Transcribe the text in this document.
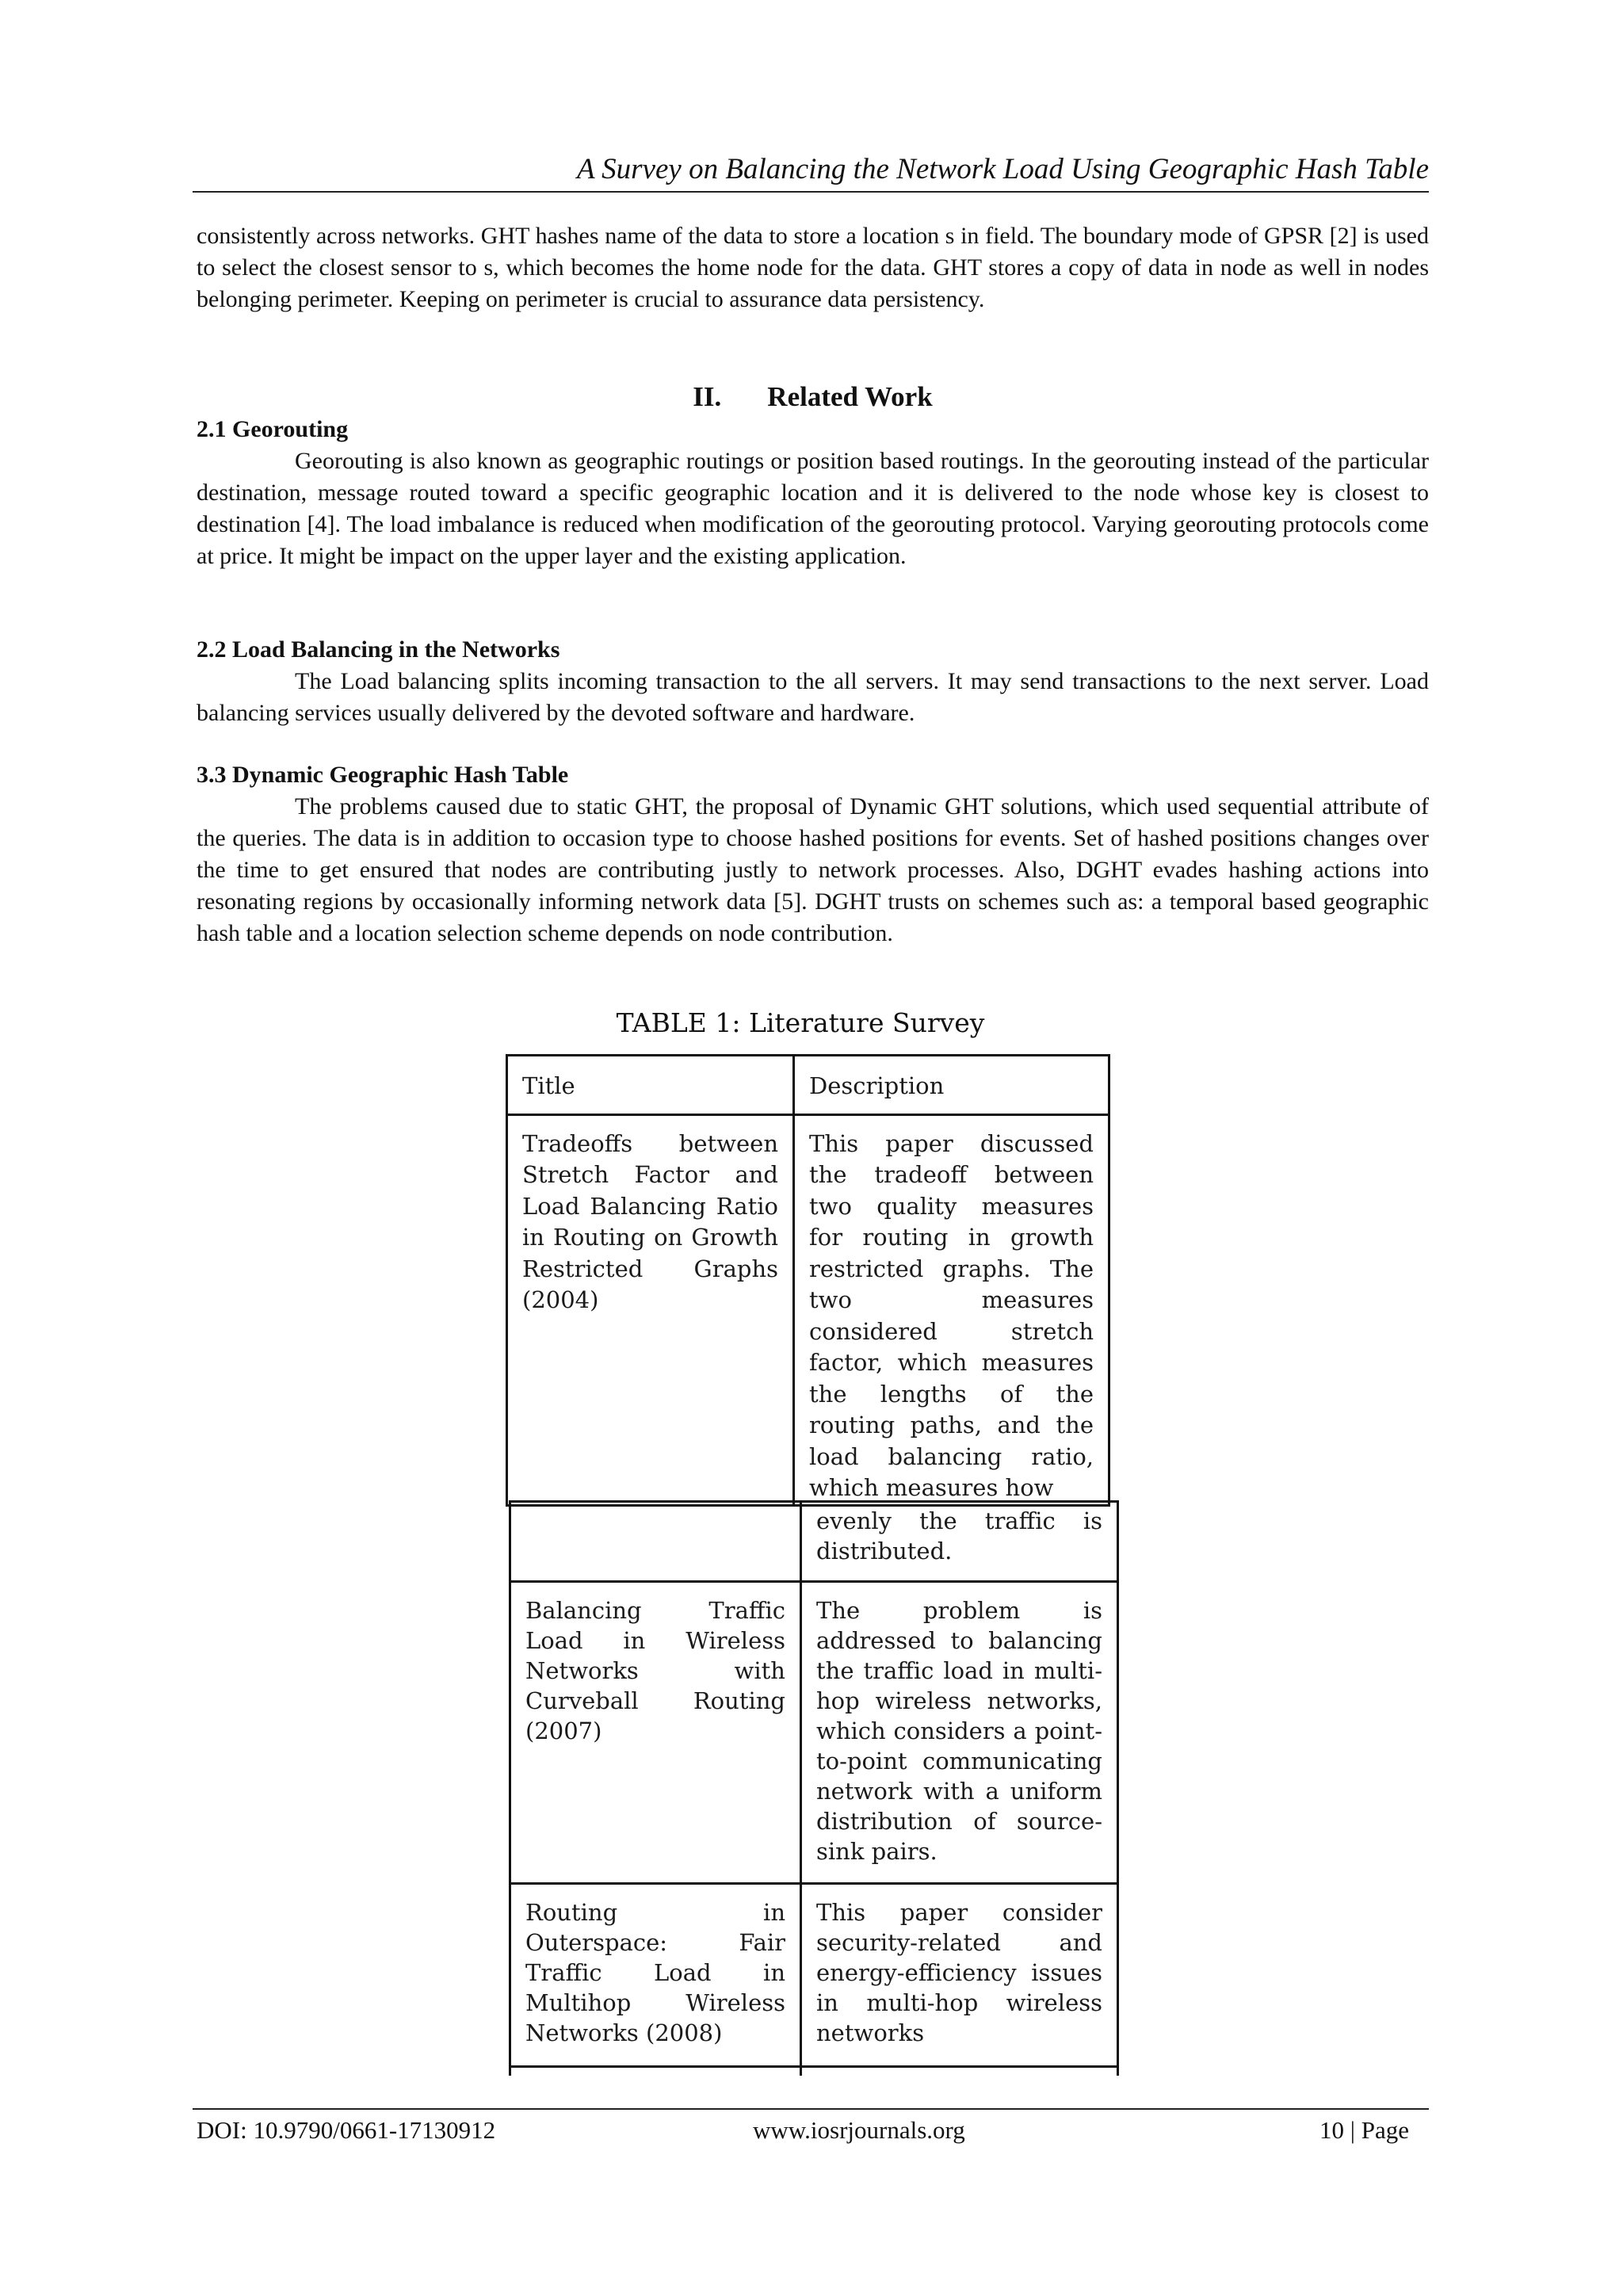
A Survey on Balancing the Network Load Using Geographic Hash Table

consistently across networks. GHT hashes name of the data to store a location s in field. The boundary mode of GPSR [2] is used to select the closest sensor to s, which becomes the home node for the data. GHT stores a copy of data in node as well in nodes belonging perimeter. Keeping on perimeter is crucial to assurance data persistency.

II. Related Work
2.1 Georouting

Georouting is also known as geographic routings or position based routings. In the georouting instead of the particular destination, message routed toward a specific geographic location and it is delivered to the node whose key is closest to destination [4]. The load imbalance is reduced when modification of the georouting protocol. Varying georouting protocols come at price. It might be impact on the upper layer and the existing application.

2.2 Load Balancing in the Networks

The Load balancing splits incoming transaction to the all servers. It may send transactions to the next server. Load balancing services usually delivered by the devoted software and hardware.

3.3 Dynamic Geographic Hash Table

The problems caused due to static GHT, the proposal of Dynamic GHT solutions, which used sequential attribute of the queries. The data is in addition to occasion type to choose hashed positions for events. Set of hashed positions changes over the time to get ensured that nodes are contributing justly to network processes. Also, DGHT evades hashing actions into resonating regions by occasionally informing network data [5]. DGHT trusts on schemes such as: a temporal based geographic hash table and a location selection scheme depends on node contribution.

TABLE 1: Literature Survey
Title	Description
Tradeoffs between Stretch Factor and Load Balancing Ratio in Routing on Growth Restricted Graphs (2004)	This paper discussed the tradeoff between two quality measures for routing in growth restricted graphs. The two measures considered stretch factor, which measures the lengths of the routing paths, and the load balancing ratio, which measures how
	evenly the traffic is distributed.
Balancing Traffic Load in Wireless Networks with Curveball Routing (2007)	The problem is addressed to balancing the traffic load in multi-hop wireless networks, which considers a point-to-point communicating network with a uniform distribution of source-sink pairs.
Routing in Outerspace: Fair Traffic Load in Multihop Wireless Networks (2008)	This paper consider security-related and energy-efficiency issues in multi-hop wireless networks

DOI: 10.9790/0661-17130912	www.iosrjournals.org	10 | Page
